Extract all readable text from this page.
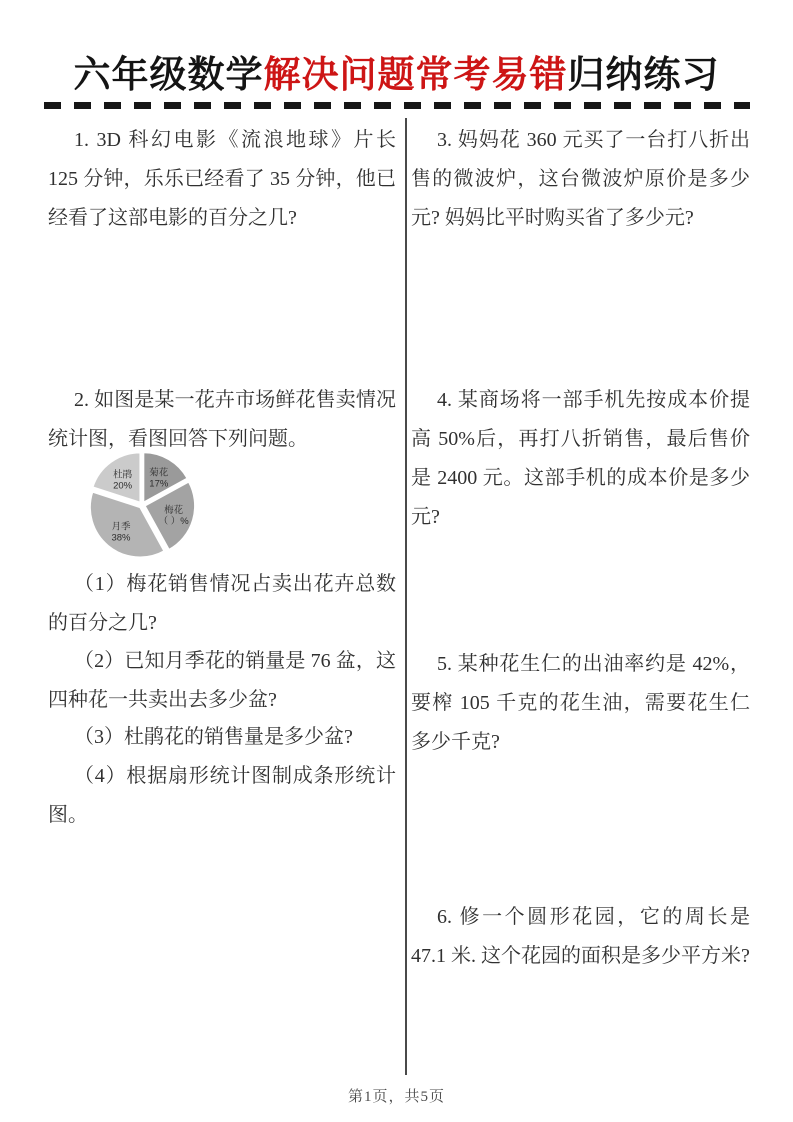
六年级数学解决问题常考易错归纳练习

1. 3D 科幻电影《流浪地球》片长 125 分钟，乐乐已经看了 35 分钟，他已经看了这部电影的百分之几?

2. 如图是某一花卉市场鲜花售卖情况统计图，看图回答下列问题。

菊花 17%
梅花（ ）%
月季 38%
杜鹃 20%

（1）梅花销售情况占卖出花卉总数的百分之几?

（2）已知月季花的销量是 76 盆，这四种花一共卖出去多少盆?

（3）杜鹃花的销售量是多少盆?

（4）根据扇形统计图制成条形统计图。

3. 妈妈花 360 元买了一台打八折出售的微波炉，这台微波炉原价是多少元? 妈妈比平时购买省了多少元?

4. 某商场将一部手机先按成本价提高 50%后，再打八折销售，最后售价是 2400 元。这部手机的成本价是多少元?

5. 某种花生仁的出油率约是 42%，要榨 105 千克的花生油，需要花生仁多少千克?

6. 修一个圆形花园，它的周长是 47.1 米. 这个花园的面积是多少平方米?

第1页，共5页
